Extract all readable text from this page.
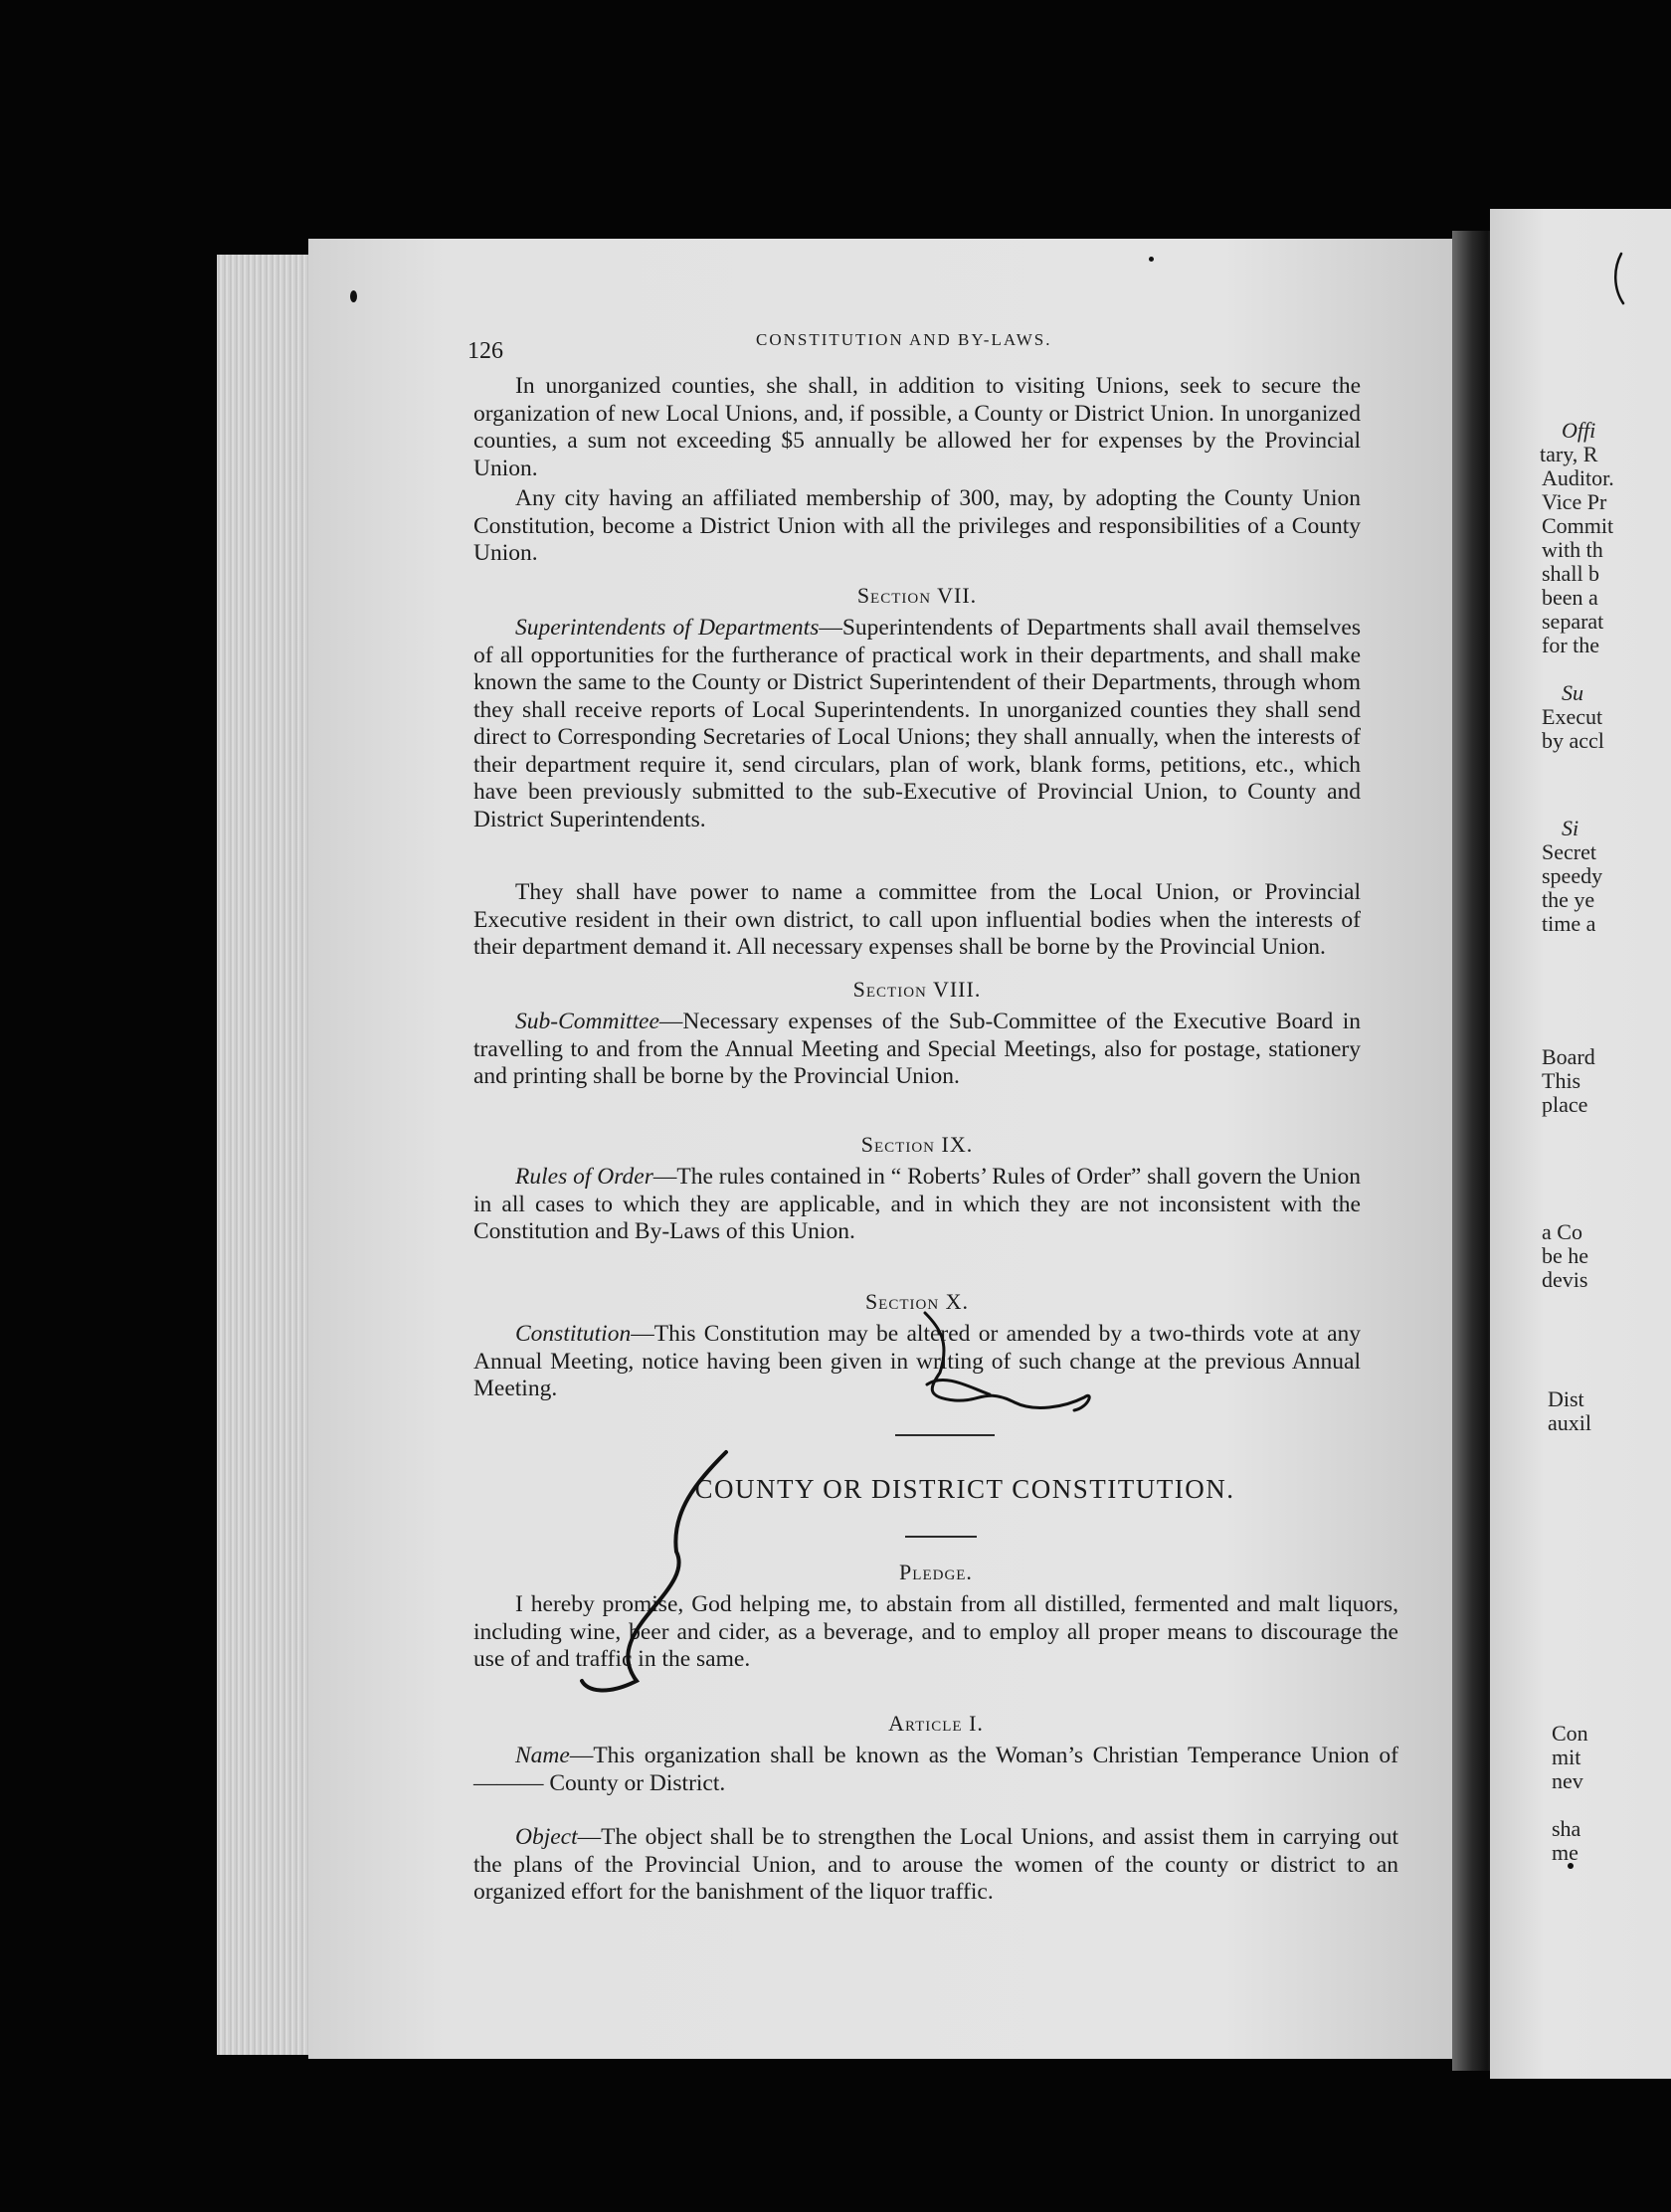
126	CONSTITUTION AND BY-LAWS.

In unorganized counties, she shall, in addition to visiting Unions, seek to secure the organization of new Local Unions, and, if possible, a County or District Union. In unorganized counties, a sum not exceeding $5 annually be allowed her for expenses by the Provincial Union.

Any city having an affiliated membership of 300, may, by adopting the County Union Constitution, become a District Union with all the privileges and responsibilities of a County Union.

Section VII.

Superintendents of Departments—Superintendents of Departments shall avail themselves of all opportunities for the furtherance of practical work in their departments, and shall make known the same to the County or District Superintendent of their Departments, through whom they shall receive reports of Local Superintendents. In unorganized counties they shall send direct to Corresponding Secretaries of Local Unions; they shall annually, when the interests of their department require it, send circulars, plan of work, blank forms, petitions, etc., which have been previously submitted to the sub-Executive of Provincial Union, to County and District Superintendents.

They shall have power to name a committee from the Local Union, or Provincial Executive resident in their own district, to call upon influential bodies when the interests of their department demand it. All necessary expenses shall be borne by the Provincial Union.

Section VIII.

Sub-Committee—Necessary expenses of the Sub-Committee of the Executive Board in travelling to and from the Annual Meeting and Special Meetings, also for postage, stationery and printing shall be borne by the Provincial Union.

Section IX.

Rules of Order—The rules contained in “ Roberts’ Rules of Order” shall govern the Union in all cases to which they are applicable, and in which they are not inconsistent with the Constitution and By-Laws of this Union.

Section X.

Constitution—This Constitution may be altered or amended by a two-thirds vote at any Annual Meeting, notice having been given in writing of such change at the previous Annual Meeting.

COUNTY OR DISTRICT CONSTITUTION.
Pledge.

I hereby promise, God helping me, to abstain from all distilled, fermented and malt liquors, including wine, beer and cider, as a beverage, and to employ all proper means to discourage the use of and traffic in the same.

Article I.

Name—This organization shall be known as the Woman’s Christian Temperance Union of——— County or District.

Object—The object shall be to strengthen the Local Unions, and assist them in carrying out the plans of the Provincial Union, and to arouse the women of the county or district to an organized effort for the banishment of the liquor traffic.

Offi
tary, R
Auditor.
Vice Pr
Commit
with th
shall b
been a
separat
for the
Su
Execut
by accl
Si
Secret
speedy
the ye
time a
Board
This
place
a Co
be he
devis
Dist
auxil
Con
mit
nev
sha
me
